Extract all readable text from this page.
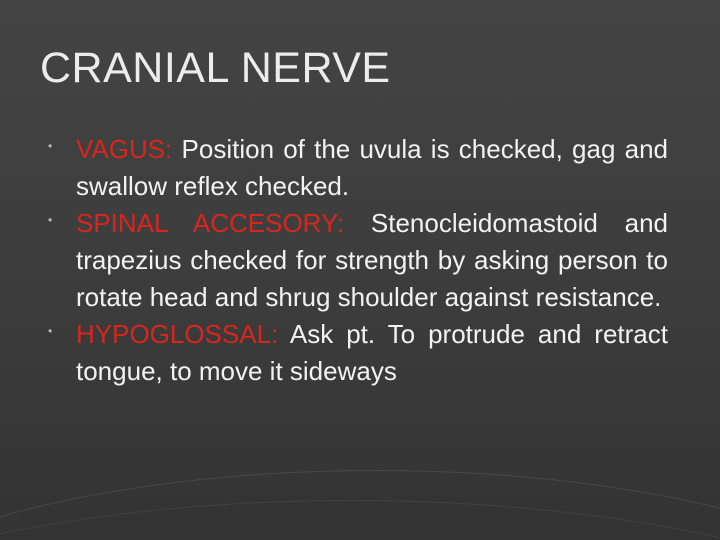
CRANIAL NERVE
• VAGUS: Position of the uvula is checked, gag and swallow reflex checked.
• SPINAL ACCESORY: Stenocleidomastoid and trapezius checked for strength by asking person to rotate head and shrug shoulder against resistance.
• HYPOGLOSSAL: Ask pt. To protrude and retract tongue, to move it sideways
